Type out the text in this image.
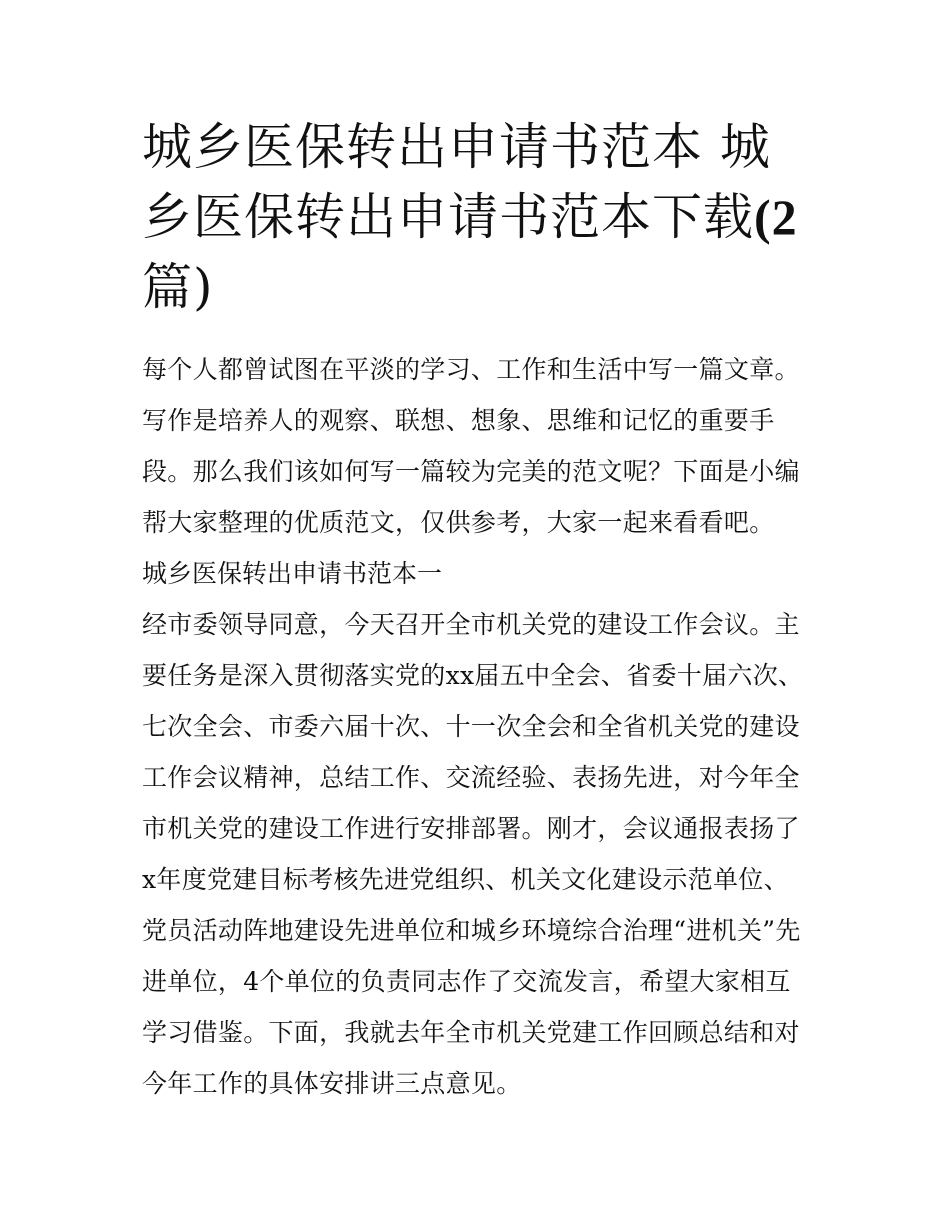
城乡医保转出申请书范本 城乡医保转出申请书范本下载(2
篇)

每个人都曾试图在平淡的学习、工作和生活中写一篇文章。写作是培养人的观察、联想、想象、思维和记忆的重要手段。那么我们该如何写一篇较为完美的范文呢？下面是小编帮大家整理的优质范文，仅供参考，大家一起来看看吧。

城乡医保转出申请书范本一

经市委领导同意，今天召开全市机关党的建设工作会议。主要任务是深入贯彻落实党的xx届五中全会、省委十届六次、七次全会、市委六届十次、十一次全会和全省机关党的建设工作会议精神，总结工作、交流经验、表扬先进，对今年全市机关党的建设工作进行安排部署。刚才，会议通报表扬了x年度党建目标考核先进党组织、机关文化建设示范单位、党员活动阵地建设先进单位和城乡环境综合治理“进机关”先进单位，4个单位的负责同志作了交流发言，希望大家相互学习借鉴。下面，我就去年全市机关党建工作回顾总结和对今年工作的具体安排讲三点意见。
